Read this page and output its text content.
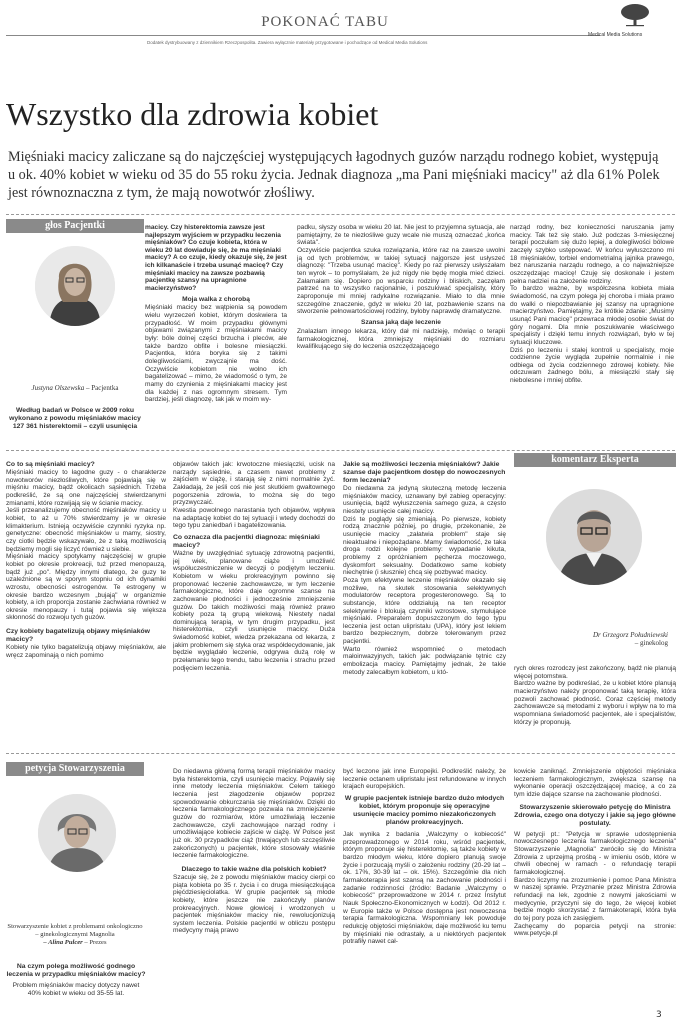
POKONAĆ TABU
Dodatek dystrybuowany z dziennikiem Rzeczpospolita. Zawiera wyłącznie materiały przygotowane i pochodzące od Medical Media Solutions
Medical Media Solutions
Wszystko dla zdrowia kobiet
Mięśniaki macicy zaliczane są do najczęściej występujących łagodnych guzów narządu rodnego kobiet, występują u ok. 40% kobiet w wieku od 35 do 55 roku życia. Jednak diagnoza „ma Pani mięśniaki macicy" aż dla 61% Polek jest równoznaczna z tym, że mają nowotwór złośliwy.
głos Pacjentki
Justyna Olszewska – Pacjentka
Według badań w Polsce w 2009 roku wykonano z powodu mięśniaków macicy 127 361 histerektomii – czyli usunięcia
macicy. Czy histerektomia zawsze jest najlepszym wyjściem w przypadku leczenia mięśniaków? Co czuje kobieta, która w wieku 20 lat dowiaduje się, że ma mięśniaki macicy? A co czuje, kiedy okazuje się, że jest ich kilkanaście i trzeba usunąć macicę? Czy mięśniaki macicy na zawsze pozbawią pacjentkę szansy na upragnione macierzyństwo?
Moja walka z chorobą
Mięśniaki macicy bez wątpienia są powodem wielu wyrzeczeń kobiet, którym doskwiera ta przypadłość. W moim przypadku głównymi objawami związanymi z mięśniakami macicy były: bóle dolnej części brzucha i pleców, ale także bardzo obfite i bolesne miesiączki. Pacjentka, która boryka się z takimi dolegliwościami, zwyczajnie ma dość. Oczywiście kobietom nie wolno ich bagatelizować – mimo, że wiadomość o tym, że mamy do czynienia z mięśniakami macicy jest dla każdej z nas ogromnym stresem. Tym bardziej, jeśli diagnozę, tak jak w moim wy-
padku, słyszy osoba w wieku 20 lat. Nie jest to przyjemna sytuacja, ale pamiętajmy, że te niezłośliwe guzy wcale nie muszą oznaczać „końca świata".
Oczywiście pacjentka szuka rozwiązania, które raz na zawsze uwolni ją od tych problemów, w takiej sytuacji najgorsze jest usłyszeć diagnozę: "Trzeba usunąć macicę". Kiedy po raz pierwszy usłyszałam ten wyrok – to pomyślałam, że już nigdy nie będę mogła mieć dzieci. Załamałam się. Dopiero po wsparciu rodziny i bliskich, zaczęłam patrzeć na to wszystko racjonalnie, i poszukiwać specjalisty, który zaproponuje mi mniej radykalne rozwiązanie. Miało to dla mnie szczególne znaczenie, gdyż w wieku 20 lat, pozbawienie szans na stworzenie pełnowartościowej rodziny, byłoby naprawdę dramatyczne.
Szansa jaką daje leczenie
Znalazłam innego lekarza, który dał mi nadzieję, mówiąc o terapii farmakologicznej, która zmniejszy mięśniaki do rozmiaru kwalifikującego się do leczenia oszczędzającego
narząd rodny, bez konieczności naruszania jamy macicy. Tak też się stało. Już podczas 3-miesięcznej terapii poczułam się dużo lepiej, a dolegliwości bólowe zaczęły szybko ustępować. W końcu wyłuszczono mi 18 mięśniaków, torbiel endometrialną jajnika prawego, bez naruszania narządu rodnego, a co najważniejsze oszczędzając macicę! Czuję się doskonale i jestem pełna nadziei na założenie rodziny.
To bardzo ważne, by współczesna kobieta miała świadomość, na czym polega jej choroba i miała prawo do walki o niepozbawianie jej szansy na upragnione macierzyństwo. Pamiętajmy, że krótkie zdanie: „Musimy usunąć Pani macicę" przewraca młodej osobie świat do góry nogami. Dla mnie poszukiwanie właściwego specjalisty i dzięki temu innych rozwiązań, było w tej sytuacji kluczowe.
Dziś po leczeniu i stałej kontroli u specjalisty, moje codzienne życie wygląda zupełnie normalnie i nie odbiega od życia codziennego zdrowej kobiety. Nie odczuwam żadnego bólu, a miesiączki stały się niebolesne i mniej obfite.
Co to są mięśniaki macicy?
Mięśniaki macicy to łagodne guzy - o charakterze nowotworów niezłośliwych, które pojawiają się w mięśniu macicy, bądź okolicach sąsiednich. Trzeba podkreślić, że są one najczęściej stwierdzanymi zmianami, które rozwijają się w ścianie macicy.
Jeśli przeanalizujemy obecność mięśniaków macicy u kobiet, to aż u 70% stwierdzamy je w okresie klimakterium. Istnieją oczywiście czynniki ryzyka np. genetyczne: obecność mięśniaków u mamy, siostry, czy ciotki będzie wskazywało, że z taką możliwością będziemy mogli się liczyć również u siebie.
Mięśniaki macicy spotykamy najczęściej w grupie kobiet po okresie prokreacji, tuż przed menopauzą, bądź już „po". Między innymi dlatego, że guzy te uzależnione są w sporym stopniu od ich dynamiki wzrostu, obecności estrogenów. Te estrogeny w okresie bardzo wczesnym „bujają" w organizmie kobiety, a ich proporcja zostanie zachwiana również w okresie menopauzy i tutaj pojawia się większa skłonność do rozwoju tych guzów.
Czy kobiety bagatelizują objawy mięśniaków macicy?
Kobiety nie tylko bagatelizują objawy mięśniaków, ale wręcz zapominają o nich pomimo
objawów takich jak: krwotoczne miesiączki, ucisk na narządy sąsiednie, a czasem nawet problemy z zajściem w ciążę, i starają się z nimi normalnie żyć. Zakładają, że jeśli coś nie jest skutkiem gwałtownego pogorszenia zdrowia, to można się do tego przyzwyczaić.
Kwestia powolnego narastania tych objawów, wpływa na adaptację kobiet do tej sytuacji i wtedy dochodzi do tego typu zaniedbań i bagatelizowania.
Co oznacza dla pacjentki diagnoza: mięśniaki macicy?
Ważne by uwzględniać sytuację zdrowotną pacjentki, jej wiek, planowane ciąże i umożliwić współuczestniczenie w decyzji o podjętym leczeniu. Kobietom w wieku prokreacyjnym powinno się proponować leczenie zachowawcze, w tym leczenie farmakologiczne, które daje ogromne szanse na zachowanie płodności i jednocześnie zmniejszenie guzów. Do takich możliwości mają również prawo kobiety poza tą grupą wiekową. Niestety nadal dominującą terapią, w tym drugim przypadku, jest histerektomia, czyli usunięcie macicy. Duża świadomość kobiet, wiedza przekazana od lekarza, z jakim problemem się styka oraz współdecydowanie, jak będzie wyglądało leczenie, odgrywa dużą rolę w przełamaniu tego trendu, tabu leczenia i strachu przed podjęciem leczenia.
Jakie są możliwości leczenia mięśniaków? Jakie szanse daje pacjentkom dostęp do nowoczesnych form leczenia?
Do niedawna za jedyną skuteczną metodę leczenia mięśniaków macicy, uznawany był zabieg operacyjny: usunięcia, bądź wyłuszczenia samego guza, a często niestety usunięcie całej macicy.
Dziś te poglądy się zmieniają. Po pierwsze, kobiety rodzą znacznie później, po drugie, przekonanie, że usunięcie macicy „załatwia problem" staje się nieaktualne i niepożądane. Mamy świadomość, że taka droga rodzi kolejne problemy: wypadanie kikuta, problemy z opróżnianiem pęcherza moczowego, dyskomfort seksualny. Dodatkowo same kobiety niechętnie (i słusznie) chcą się pozbywać macicy.
Poza tym efektywne leczenie mięśniaków okazało się możliwe, na skutek stosowania selektywnych modulatorów receptora progesteronowego. Są to substancje, które oddziałują na ten receptor selektywnie i blokują czynniki wzrostowe, stymulujące mięśniaki. Preparatem dopuszczonym do tego typu leczenia jest octan ulipristalu (UPA), który jest lekiem bardzo bezpiecznym, dobrze tolerowanym przez pacjentki.
Warto również wspomnieć o metodach małoinwazyjnych, takich jak: podwiązanie tętnic czy embolizacja macicy. Pamiętajmy jednak, że takie metody zalecałbym kobietom, u któ-
komentarz Eksperta
Dr Grzegorz Południewski
– ginekolog
rych okres rozrodczy jest zakończony, bądź nie planują więcej potomstwa.
Bardzo ważne by podkreślać, że u kobiet które planują macierzyństwo należy proponować taką terapię, która pozwoli zachować płodność. Coraz częściej metody zachowawcze są metodami z wyboru i wpływ na to ma wspomniana świadomość pacjentek, ale i specjalistów, którzy je proponują.
petycja Stowarzyszenia
Stowarzyszenie kobiet z problemami onkologiczno – ginekologicznymi Magnolia
– Alina Pulcer – Prezes
Na czym polega możliwość godnego leczenia w przypadku mięśniaków macicy?
Problem mięśniaków macicy dotyczy nawet 40% kobiet w wieku od 35-55 lat.
Do niedawna główną formą terapii mięśniaków macicy była histerektomia, czyli usunięcie macicy. Pojawiły się inne metody leczenia mięśniaków. Celem takiego leczenia jest złagodzenie objawów poprzez spowodowanie obkurczania się mięśniaków. Dzięki do leczenia farmakologicznego pozwala na zmniejszenie guzów do rozmiarów, które umożliwiają leczenie zachowawcze, czyli zachowujące narząd rodny i umożliwiające kobiecie zajście w ciążę. W Polsce jest już ok. 30 przypadków ciąż (trwających lub szczęśliwie zakończonych) u pacjentek, które stosowały właśnie leczenie farmakologiczne.
Dlaczego to takie ważne dla polskich kobiet?
Szacuje się, że z powodu mięśniaków macicy cierpi co piąta kobieta po 35 r. życia i co druga miesiączkująca pięćdziesięciolatka. W grupie pacjentek są młode kobiety, które jeszcze nie zakończyły planów prokreacyjnych. Nowe głowicej i wrodzonych u pacjentek mięśniaków macicy nie, rewolucjonizują system leczenia. Polskie pacjentki w obliczu postępu medycyny mają prawo
być leczone jak inne Europejki. Podkreślić należy, że leczenie octanem ulipristalu jest refundowane w innych krajach europejskich.
W grupie pacjentek istnieje bardzo dużo młodych kobiet, którym proponuje się operacyjne usunięcie macicy pomimo niezakończonych planów prokreacyjnych.
Jak wynika z badania „Walczymy o kobiecość" przeprowadzonego w 2014 roku, wśród pacjentek, którym proponuje się histerektomię, są także kobiety w bardzo młodym wieku, które dopiero planują swoje życie i porzucają myśli o założeniu rodziny (20-29 lat – ok. 17%, 30-39 lat – ok. 15%). Szczególnie dla nich farmakoterapia jest szansą na zachowanie płodności i zadanie rodzinności (źródło: Badanie „Walczymy o kobiecość" przeprowadzone w 2014 r. przez Instytut Nauk Społeczno-Ekonomicznych w Łodzi). Od 2012 r. w Europie także w Polsce dostępna jest nowoczesna terapia farmakologiczna. Wspomniany lek powoduje redukcję objętości mięśniaków, daje możliwość ku temu by mięśniaki nie odrastały, a u niektórych pacjentek potrafiły nawet cał-
kowicie zaniknąć. Zmniejszenie objętości mięśniaka leczeniem farmakologicznym, zwiększa szansę na wykonanie operacji oszczędzającej macicę, a co za tym idzie dające szanse na zachowanie płodności.
Stowarzyszenie skierowało petycję do Ministra Zdrowia, czego ona dotyczy i jakie są jego główne postulaty.
W petycji pt.: "Petycja w sprawie udostępnienia nowoczesnego leczenia farmakologicznego leczenia" Stowarzyszenie „Magnolia" zwróciło się do Ministra Zdrowia z uprzejmą prośbą - w imieniu osób, które w chwili obecnej w ramach - o refundację terapii farmakologicznej.
Bardzo liczymy na zrozumienie i pomoc Pana Ministra w naszej sprawie. Przyznanie przez Ministra Zdrowia refundacji na lek, zgodnie z nowymi jakościami w medycynie, przyczyni się do tego, że więcej kobiet będzie mogło skorzystać z farmakoterapii, która była do tej pory poza ich zasięgiem.
Zachęcamy do poparcia petycji na stronie: www.petycje.pl
3
